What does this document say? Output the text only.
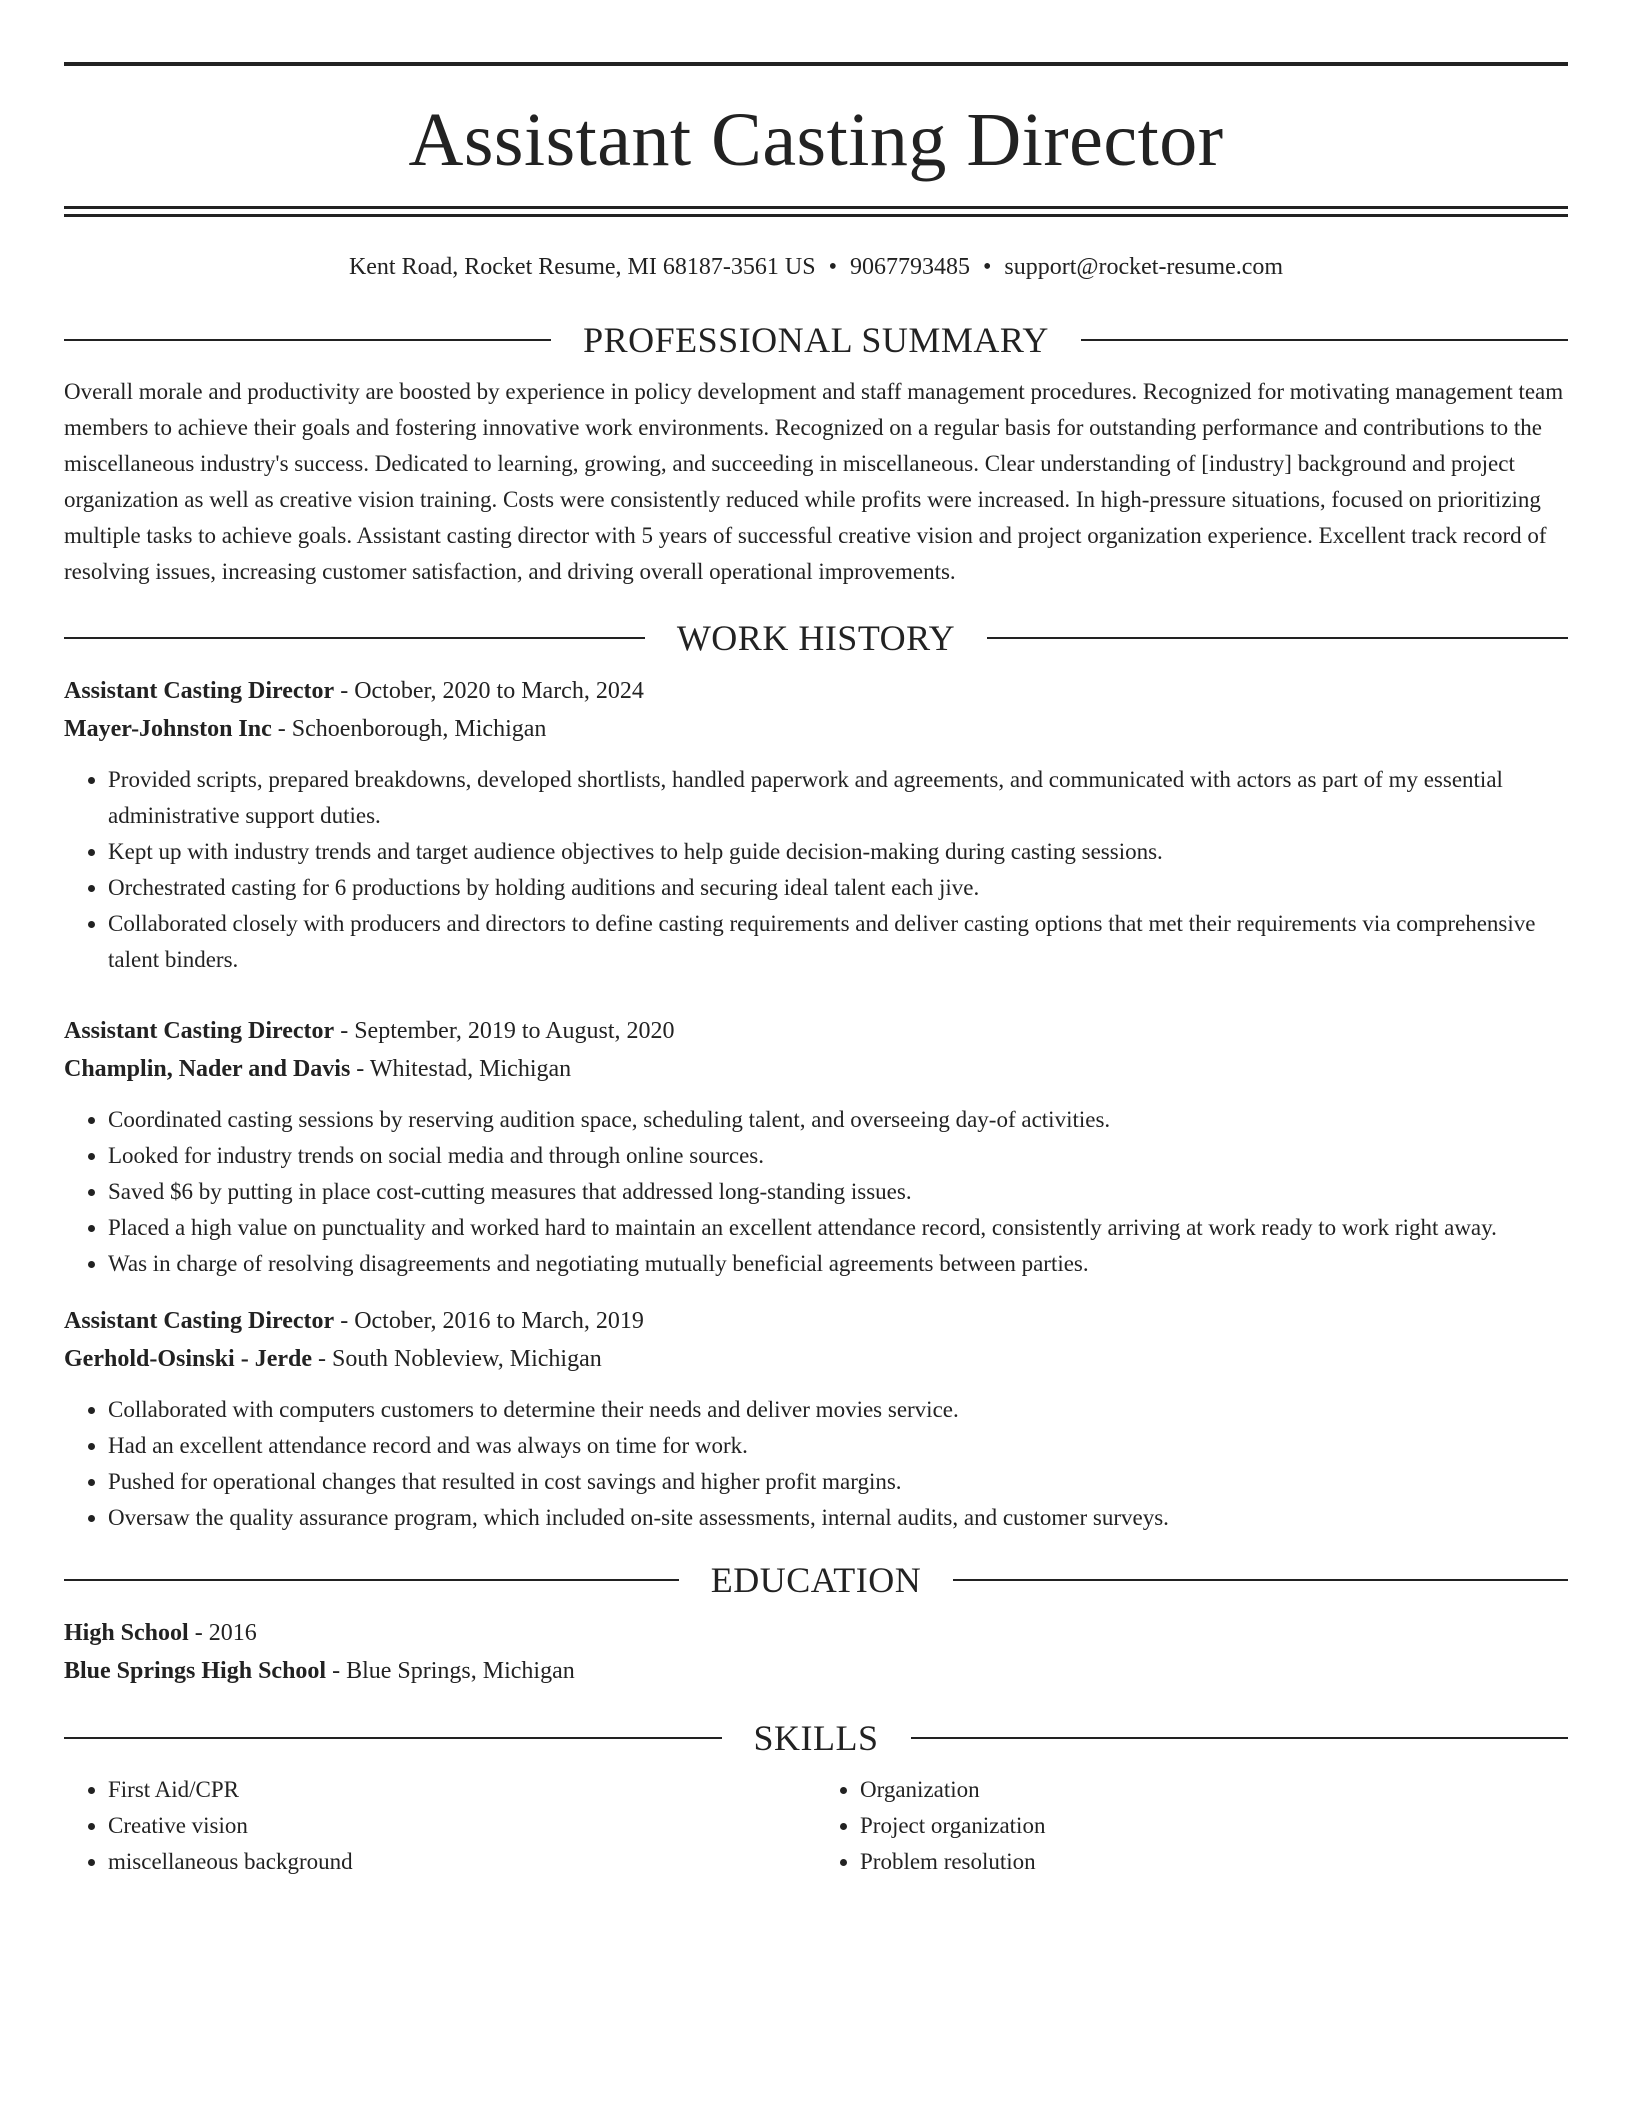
Assistant Casting Director
Kent Road, Rocket Resume, MI 68187-3561 US • 9067793485 • support@rocket-resume.com
PROFESSIONAL SUMMARY

Overall morale and productivity are boosted by experience in policy development and staff management procedures. Recognized for motivating management team members to achieve their goals and fostering innovative work environments. Recognized on a regular basis for outstanding performance and contributions to the miscellaneous industry's success. Dedicated to learning, growing, and succeeding in miscellaneous. Clear understanding of [industry] background and project organization as well as creative vision training. Costs were consistently reduced while profits were increased. In high-pressure situations, focused on prioritizing multiple tasks to achieve goals. Assistant casting director with 5 years of successful creative vision and project organization experience. Excellent track record of resolving issues, increasing customer satisfaction, and driving overall operational improvements.

WORK HISTORY
Assistant Casting Director - October, 2020 to March, 2024
Mayer-Johnston Inc - Schoenborough, Michigan
• Provided scripts, prepared breakdowns, developed shortlists, handled paperwork and agreements, and communicated with actors as part of my essential administrative support duties.
• Kept up with industry trends and target audience objectives to help guide decision-making during casting sessions.
• Orchestrated casting for 6 productions by holding auditions and securing ideal talent each jive.
• Collaborated closely with producers and directors to define casting requirements and deliver casting options that met their requirements via comprehensive talent binders.
Assistant Casting Director - September, 2019 to August, 2020
Champlin, Nader and Davis - Whitestad, Michigan
• Coordinated casting sessions by reserving audition space, scheduling talent, and overseeing day-of activities.
• Looked for industry trends on social media and through online sources.
• Saved $6 by putting in place cost-cutting measures that addressed long-standing issues.
• Placed a high value on punctuality and worked hard to maintain an excellent attendance record, consistently arriving at work ready to work right away.
• Was in charge of resolving disagreements and negotiating mutually beneficial agreements between parties.
Assistant Casting Director - October, 2016 to March, 2019
Gerhold-Osinski - Jerde - South Nobleview, Michigan
• Collaborated with computers customers to determine their needs and deliver movies service.
• Had an excellent attendance record and was always on time for work.
• Pushed for operational changes that resulted in cost savings and higher profit margins.
• Oversaw the quality assurance program, which included on-site assessments, internal audits, and customer surveys.
EDUCATION
High School - 2016
Blue Springs High School - Blue Springs, Michigan
SKILLS
• First Aid/CPR
• Creative vision
• miscellaneous background
• Organization
• Project organization
• Problem resolution
